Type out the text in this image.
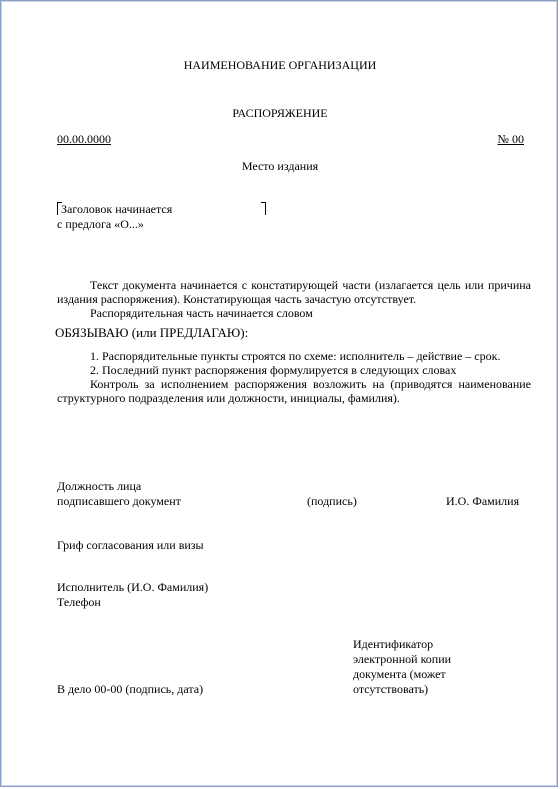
НАИМЕНОВАНИЕ ОРГАНИЗАЦИИ
РАСПОРЯЖЕНИЕ
00.00.0000	№ 00
Место издания
Заголовок начинается
с предлога «О...»

Текст документа начинается с констатирующей части (излагается цель или причина издания распоряжения). Констатирующая часть зачастую отсутствует.

Распорядительная часть начинается словом

ОБЯЗЫВАЮ (или ПРЕДЛАГАЮ):

1. Распорядительные пункты строятся по схеме: исполнитель – действие – срок.

2. Последний пункт распоряжения формулируется в следующих словах

Контроль за исполнением распоряжения возложить на (приводятся наименование структурного подразделения или должности, инициалы, фамилия).

Должность лица
подписавшего документ	(подпись)	И.О. Фамилия
Гриф согласования или визы
Исполнитель (И.О. Фамилия)
Телефон
Идентификатор
электронной копии
документа (может
отсутствовать)
В дело 00-00 (подпись, дата)
